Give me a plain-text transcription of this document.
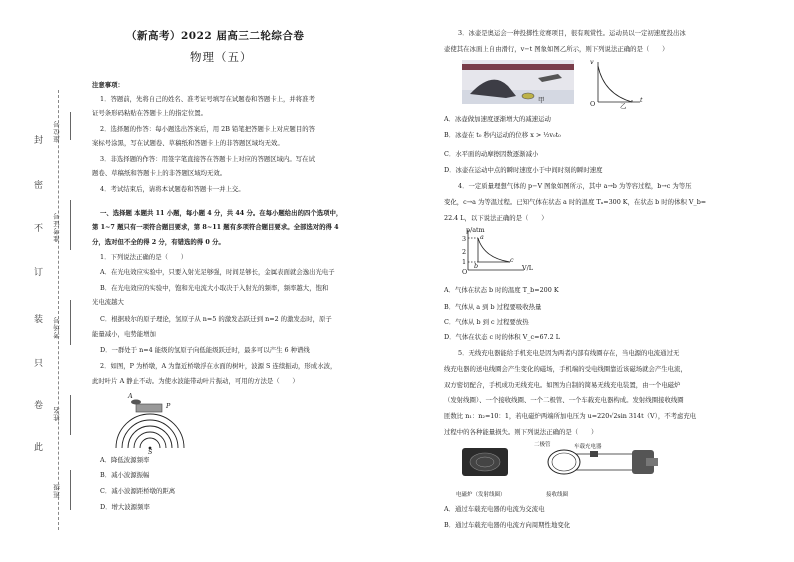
封
密
不
订
装
只
卷
此
座位号
准考证号
考场号
姓名
班级
（新高考）2022 届高三二轮综合卷
物理（五）
注意事项：
1．答题前，先将自己的姓名、准考证号填写在试题卷和答题卡上，并将准考
证号条形码粘贴在答题卡上的指定位置。
2．选择题的作答：每小题选出答案后，用 2B 铅笔把答题卡上对应题目的答
案标号涂黑，写在试题卷、草稿纸和答题卡上的非答题区域均无效。
3．非选择题的作答：用签字笔直接答在答题卡上对应的答题区域内。写在试
题卷、草稿纸和答题卡上的非答题区域均无效。
4．考试结束后，请将本试题卷和答题卡一并上交。
一、选择题 本题共 11 小题，每小题 4 分，共 44 分。在每小题给出的四个选项中，
第 1~7 题只有一项符合题目要求，第 8~11 题有多项符合题目要求。全部选对的得 4
分，选对但不全的得 2 分，有错选的得 0 分。
1．下列说法正确的是（　　）
A．在光电效应实验中，只要入射光足够强，时间足够长，金属表面就会逸出光电子
B．在光电效应的实验中，饱和光电流大小取决于入射光的频率，频率越大，饱和
光电流越大
C．根据玻尔的原子理论，氢原子从 n=5 的激发态跃迁到 n=2 的激发态时，原子
能量减小，电势能增加
D．一群处于 n=4 能级的氢原子向低能级跃迁时，最多可以产生 6 种谱线
2．如图，P 为桥墩，A 为靠近桥墩浮在水面的树叶，波源 S 连续振动，形成水波，
此时叶片 A 静止不动。为使水波能带动叶片振动，可用的方法是（　　）
A
P
S
A．降低波源频率
B．减小波源振幅
C．减小波源距桥墩的距离
D．增大波源频率
3．冰壶是奥运会一种投掷性竞赛项目，很有观赏性。运动员以一定初速度投出冰
壶使其在冰面上自由滑行，v−t 图象如图乙所示，则下列说法正确的是（　　）
甲
v
O	t
乙
A．冰壶做加速度逐渐增大的减速运动
B．冰壶在 t₀ 秒内运动的位移 x > ½v₀t₀
C．水平面的动摩擦因数逐渐减小
D．冰壶在运动中点的瞬时速度小于中间时刻的瞬时速度
4．一定质量理想气体的 p−V 图象如图所示，其中 a→b 为等容过程，b→c 为等压
变化，c→a 为等温过程。已知气体在状态 a 时的温度 Tₐ=300 K，在状态 b 时的体积 V_b=
22.4 L，以下说法正确的是（　　）
p/atm
3
2
1
O	V/L
a
b
c
A．气体在状态 b 时的温度 T_b=200 K
B．气体从 a 到 b 过程要吸收热量
C．气体从 b 到 c 过程要放热
D．气体在状态 c 时的体积 V_c=67.2 L
5．无线充电器能给手机充电是因为两者内部有线圈存在，当电源的电流通过无
线充电器的送电线圈会产生变化的磁场，手机端的受电线圈靠近该磁场就会产生电流，
双方密切配合，手机成功无线充电。如图为自制的简易无线充电装置，由一个电磁炉
（发射线圈）、一个接收线圈、一个二极管、一个车载充电器构成。发射线圈接收线圈
匝数比 n₁：n₂=10：1，若电磁炉两端所加电压为 u=220√2sin 314t（V），不考虑充电
过程中的各种能量损失。则下列说法正确的是（　　）
二极管	车载充电器
电磁炉（发射线圈）	接收线圈
A．通过车载充电器的电流为交流电
B．通过车载充电器的电流方向周期性地变化
